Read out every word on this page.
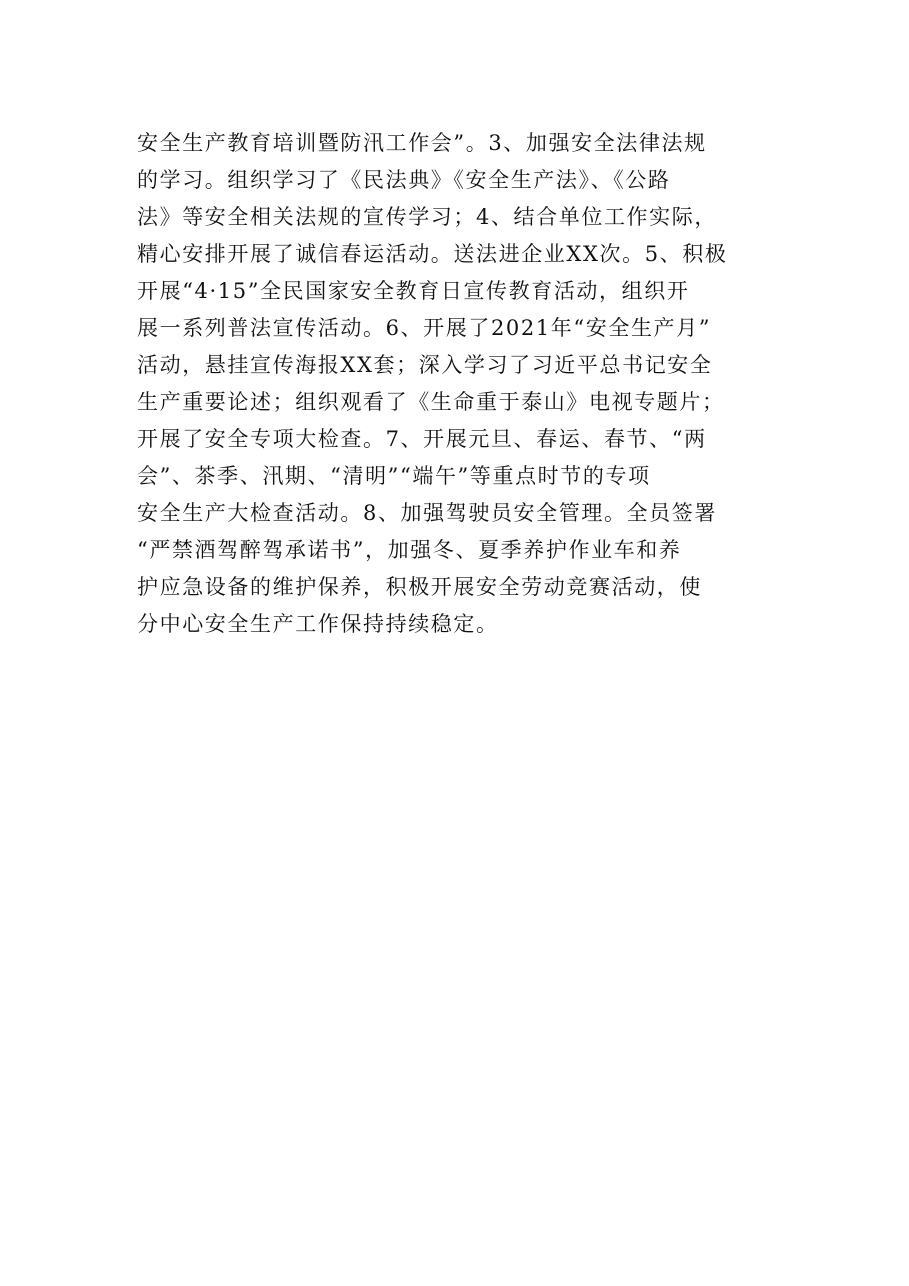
安全生产教育培训暨防汛工作会”。3、加强安全法律法规
的学习。组织学习了《民法典》《安全生产法》、《公路
法》等安全相关法规的宣传学习；4、结合单位工作实际，
精心安排开展了诚信春运活动。送法进企业XX次。5、积极
开展“4·15”全民国家安全教育日宣传教育活动，组织开
展一系列普法宣传活动。6、开展了2021年“安全生产月”
活动，悬挂宣传海报XX套；深入学习了习近平总书记安全
生产重要论述；组织观看了《生命重于泰山》电视专题片；
开展了安全专项大检查。7、开展元旦、春运、春节、“两
会”、茶季、汛期、“清明”“端午”等重点时节的专项
安全生产大检查活动。8、加强驾驶员安全管理。全员签署
“严禁酒驾醉驾承诺书”，加强冬、夏季养护作业车和养
护应急设备的维护保养，积极开展安全劳动竞赛活动，使
分中心安全生产工作保持持续稳定。
